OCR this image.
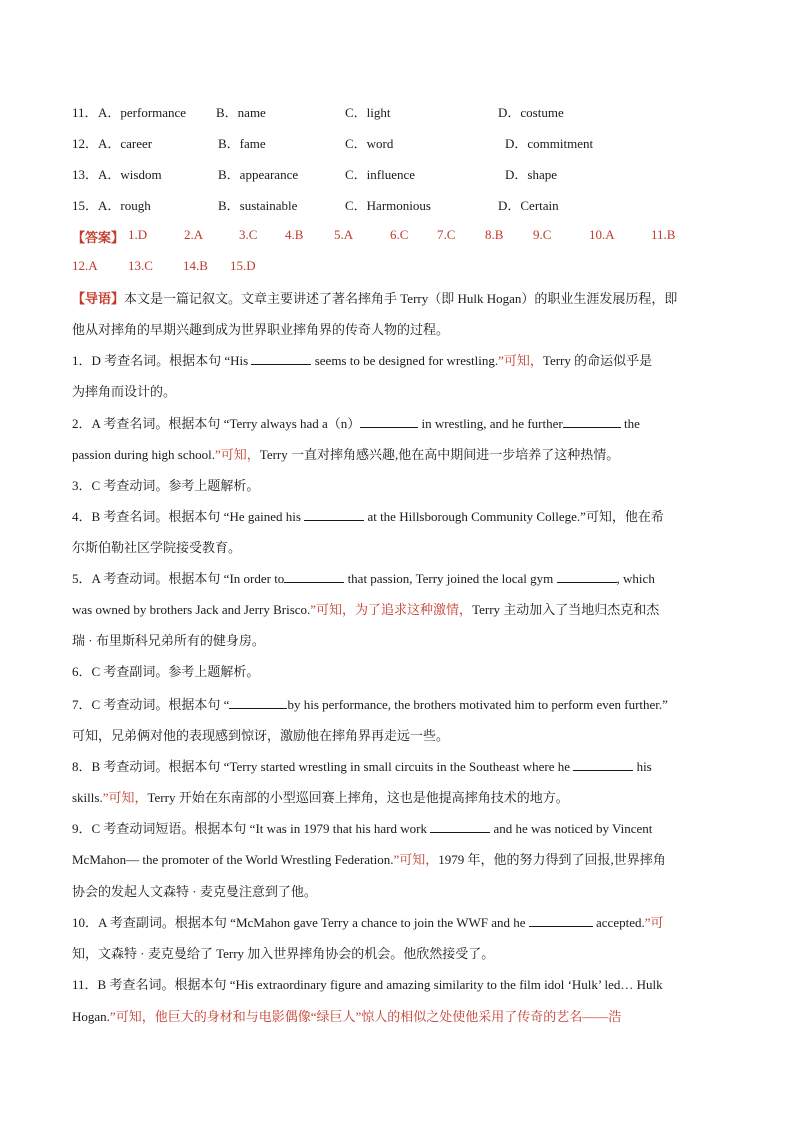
11． A．performance B．name	C．light	D．costume
12． A．career	B．fame	C．word	D．commitment
13． A．wisdom	B．appearance	C．influence	D．shape
15． A．rough	B．sustainable	C．Harmonious	D．Certain
【答案】 1.D	2.A	3.C 4.B 5.A	6.C 7.C 8.B 9.C	10.A	11.B
12.A 13.C 14.B 15.D
【导语】本文是一篇记叙文。文章主要讲述了著名摔角手 Terry（即 Hulk Hogan）的职业生涯发展历程，即
他从对摔角的早期兴趣到成为世界职业摔角界的传奇人物的过程。
1．D 考查名词。根据本句 “His	seems to be designed for wrestling.”可知，Terry 的命运似乎是
为摔角而设计的。
2．A 考查名词。根据本句 “Terry always had a（n）	in wrestling, and he further	the
passion during high school.”可知，Terry 一直对摔角感兴趣,他在高中期间进一步培养了这种热情。
3．C 考查动词。参考上题解析。
4．B 考查名词。根据本句 “He gained his	at the Hillsborough Community College.”可知，他在希
尔斯伯勒社区学院接受教育。
5．A 考查动词。根据本句 “In order to	that passion, Terry joined the local gym	, which
was owned by brothers Jack and Jerry Brisco.”可知，为了追求这种激情，Terry 主动加入了当地归杰克和杰
瑞 · 布里斯科兄弟所有的健身房。
6．C 考查副词。参考上题解析。
7．C 考查动词。根据本句 “	by his performance, the brothers motivated him to perform even further.”
可知，兄弟俩对他的表现感到惊讶，激励他在摔角界再走远一些。
8．B 考查动词。根据本句 “Terry started wrestling in small circuits in the Southeast where he	his
skills.”可知，Terry 开始在东南部的小型巡回赛上摔角，这也是他提高摔角技术的地方。
9．C 考查动词短语。根据本句 “It was in 1979 that his hard work	and he was noticed by Vincent
McMahon— the promoter of the World Wrestling Federation.”可知，1979 年，他的努力得到了回报,世界摔角
协会的发起人文森特 · 麦克曼注意到了他。
10．A 考查副词。根据本句 “McMahon gave Terry a chance to join the WWF and he	accepted.”可
知，文森特 · 麦克曼给了 Terry 加入世界摔角协会的机会。他欣然接受了。
11．B 考查名词。根据本句 “His extraordinary figure and amazing similarity to the film idol ‘Hulk’ led… Hulk
Hogan.”可知，他巨大的身材和与电影偶像“绿巨人”惊人的相似之处使他采用了传奇的艺名——浩
